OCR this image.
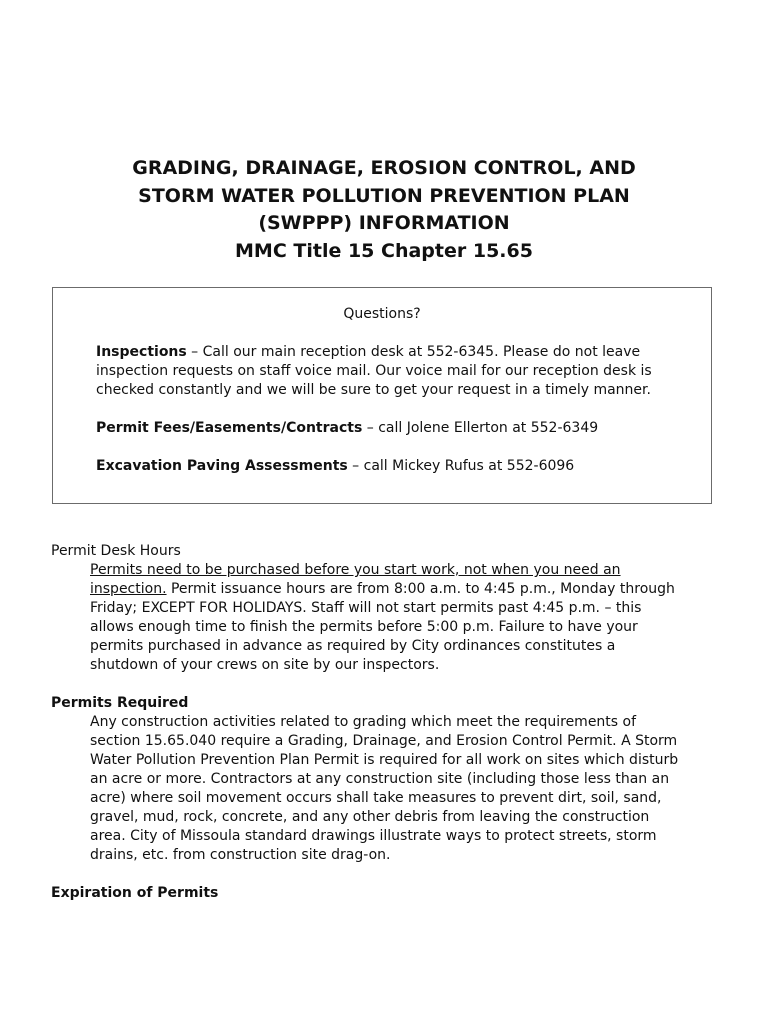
GRADING, DRAINAGE, EROSION CONTROL, AND
STORM WATER POLLUTION PREVENTION PLAN
(SWPPP) INFORMATION
MMC Title 15 Chapter 15.65
Questions?
Inspections – Call our main reception desk at 552-6345. Please do not leave inspection requests on staff voice mail. Our voice mail for our reception desk is checked constantly and we will be sure to get your request in a timely manner.
Permit Fees/Easements/Contracts – call Jolene Ellerton at 552-6349
Excavation Paving Assessments – call Mickey Rufus at 552-6096
Permit Desk Hours
Permits need to be purchased before you start work, not when you need an inspection. Permit issuance hours are from 8:00 a.m. to 4:45 p.m., Monday through Friday; EXCEPT FOR HOLIDAYS. Staff will not start permits past 4:45 p.m. – this allows enough time to finish the permits before 5:00 p.m. Failure to have your permits purchased in advance as required by City ordinances constitutes a shutdown of your crews on site by our inspectors.
Permits Required
Any construction activities related to grading which meet the requirements of section 15.65.040 require a Grading, Drainage, and Erosion Control Permit. A Storm Water Pollution Prevention Plan Permit is required for all work on sites which disturb an acre or more. Contractors at any construction site (including those less than an acre) where soil movement occurs shall take measures to prevent dirt, soil, sand, gravel, mud, rock, concrete, and any other debris from leaving the construction area. City of Missoula standard drawings illustrate ways to protect streets, storm drains, etc. from construction site drag-on.
Expiration of Permits
